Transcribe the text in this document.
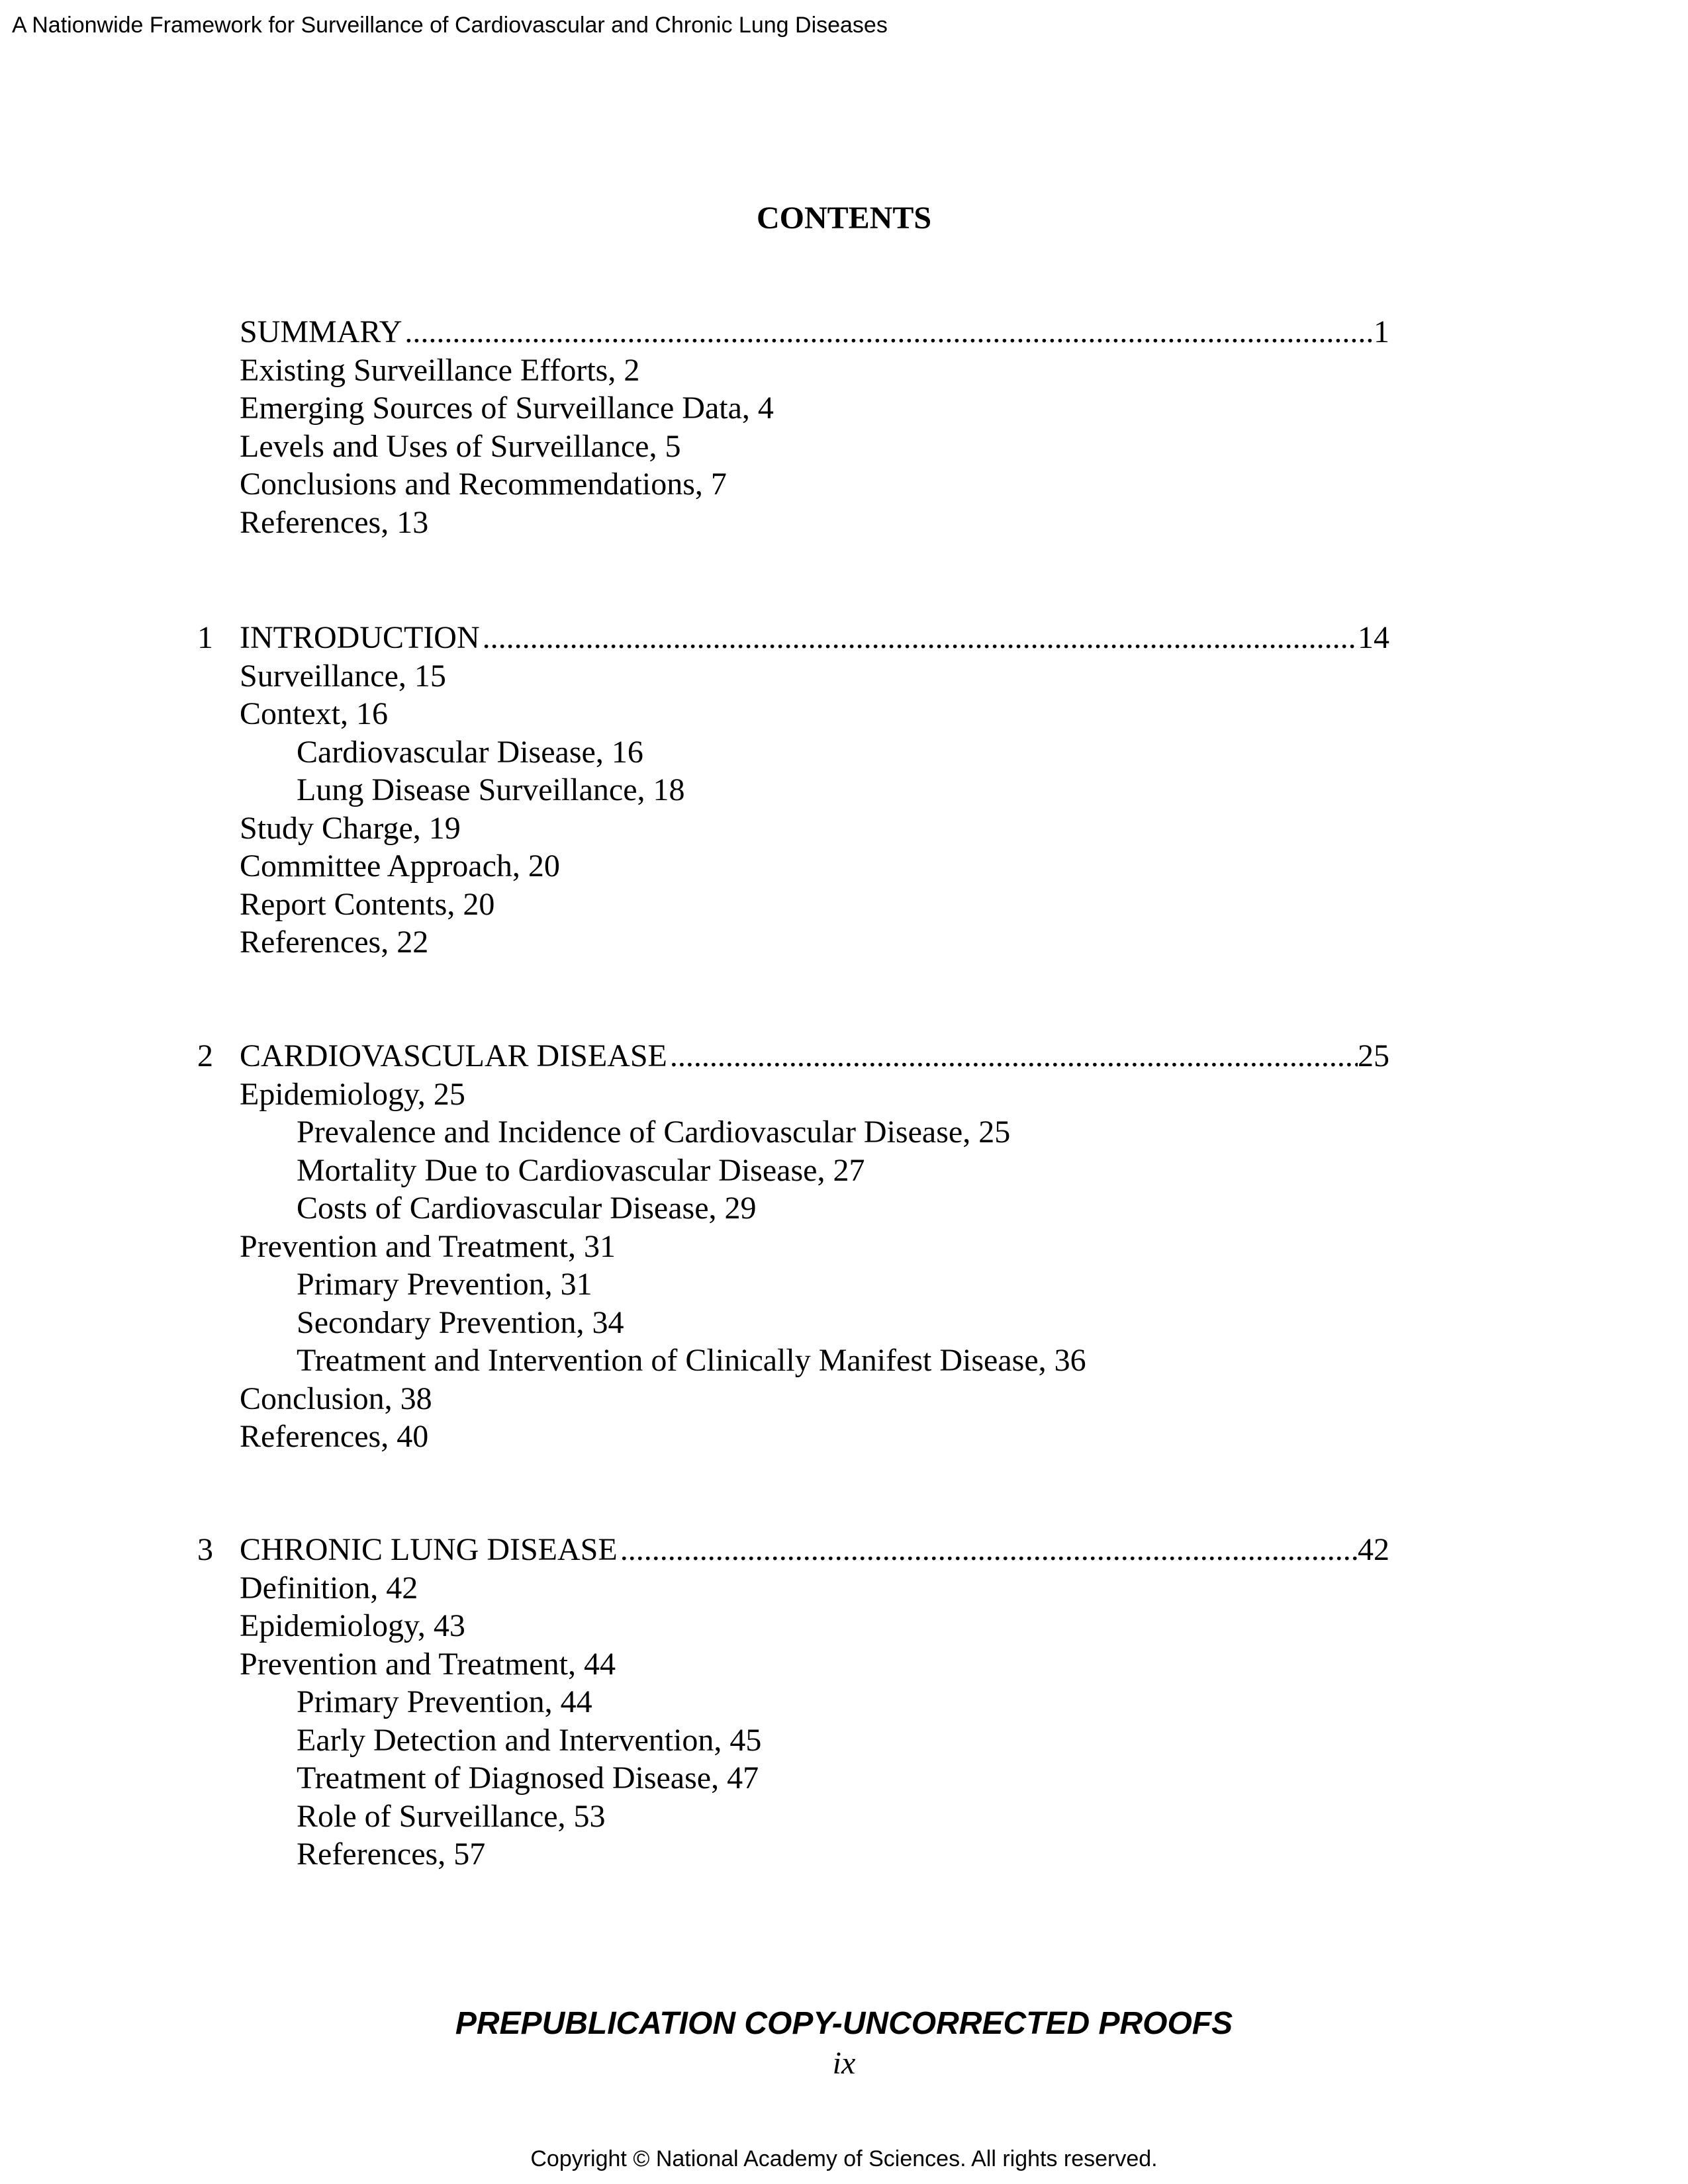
A Nationwide Framework for Surveillance of Cardiovascular and Chronic Lung Diseases
CONTENTS
SUMMARY .....	1
Existing Surveillance Efforts, 2
Emerging Sources of Surveillance Data, 4
Levels and Uses of Surveillance, 5
Conclusions and Recommendations, 7
References, 13
1 INTRODUCTION .....	14
Surveillance, 15
Context, 16
Cardiovascular Disease, 16
Lung Disease Surveillance, 18
Study Charge, 19
Committee Approach, 20
Report Contents, 20
References, 22
2 CARDIOVASCULAR DISEASE .....	25
Epidemiology, 25
Prevalence and Incidence of Cardiovascular Disease, 25
Mortality Due to Cardiovascular Disease, 27
Costs of Cardiovascular Disease, 29
Prevention and Treatment, 31
Primary Prevention, 31
Secondary Prevention, 34
Treatment and Intervention of Clinically Manifest Disease, 36
Conclusion, 38
References, 40
3 CHRONIC LUNG DISEASE .....	42
Definition, 42
Epidemiology, 43
Prevention and Treatment, 44
Primary Prevention, 44
Early Detection and Intervention, 45
Treatment of Diagnosed Disease, 47
Role of Surveillance, 53
References, 57
PREPUBLICATION COPY-UNCORRECTED PROOFS
ix
Copyright © National Academy of Sciences. All rights reserved.
